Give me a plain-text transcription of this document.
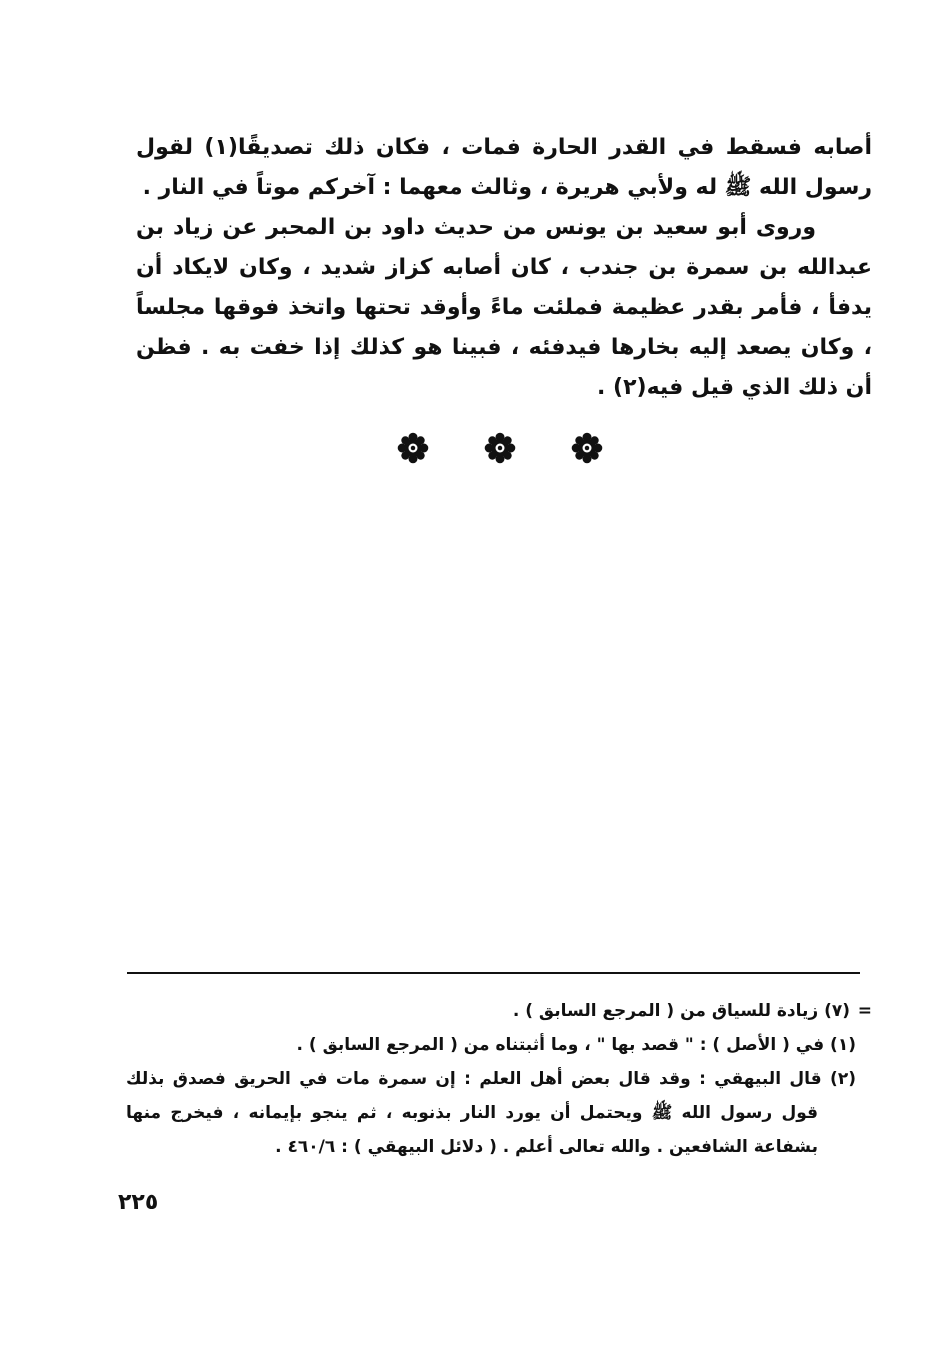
أصابه فسقط في القدر الحارة فمات ، فكان ذلك تصديقًا(١) لقول رسول الله ﷺ له ولأبي هريرة ، وثالث معهما : آخركم موتاً في النار .

وروى أبو سعيد بن يونس من حديث داود بن المحبر عن زياد بن عبدالله بن سمرة بن جندب ، كان أصابه كزاز شديد ، وكان لايكاد أن يدفأ ، فأمر بقدر عظيمة فملئت ماءً وأوقد تحتها واتخذ فوقها مجلساً ، وكان يصعد إليه بخارها فيدفئه ، فبينا هو كذلك إذا خفت به . فظن أن ذلك الذي قيل فيه(٢) .

= (٧) زيادة للسياق من ( المرجع السابق ) .

(١) في ( الأصل ) : " قصد بها " ، وما أثبتناه من ( المرجع السابق ) .

(٢) قال البيهقي : وقد قال بعض أهل العلم : إن سمرة مات في الحريق فصدق بذلك قول رسول الله ﷺ ويحتمل أن يورد النار بذنوبه ، ثم ينجو بإيمانه ، فيخرج منها بشفاعة الشافعين . والله تعالى أعلم . ( دلائل البيهقي ) : ٤٦٠/٦ .

٢٢٥
